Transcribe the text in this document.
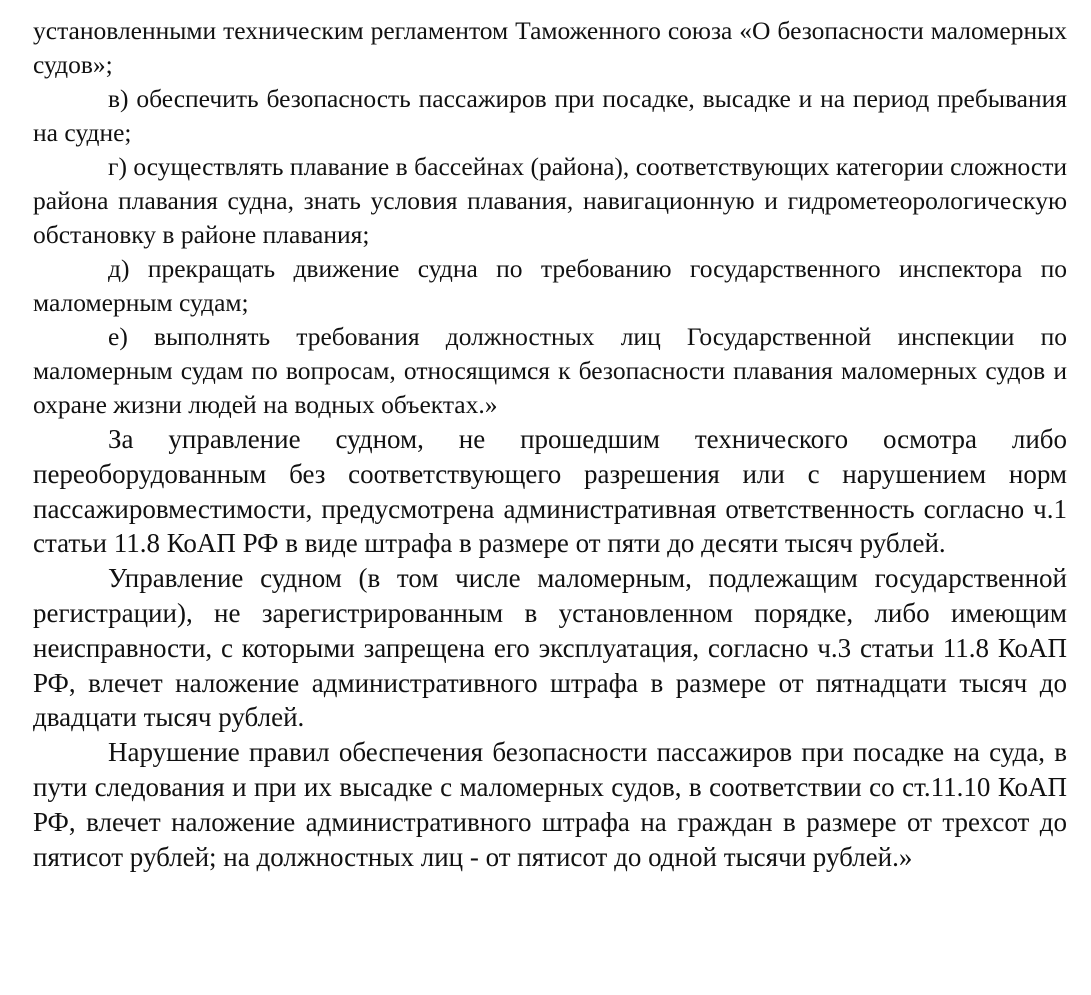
установленными техническим регламентом Таможенного союза «О безопасности маломерных судов»;

в) обеспечить безопасность пассажиров при посадке, высадке и на период пребывания на судне;

г) осуществлять плавание в бассейнах (района), соответствующих категории сложности района плавания судна, знать условия плавания, навигационную и гидрометеорологическую обстановку в районе плавания;

д) прекращать движение судна по требованию государственного инспектора по маломерным судам;

е) выполнять требования должностных лиц Государственной инспекции по маломерным судам по вопросам, относящимся к безопасности плавания маломерных судов и охране жизни людей на водных объектах.»

За управление судном, не прошедшим технического осмотра либо переоборудованным без соответствующего разрешения или с нарушением норм пассажировместимости, предусмотрена административная ответственность согласно ч.1 статьи 11.8 КоАП РФ в виде штрафа в размере от пяти до десяти тысяч рублей.

Управление судном (в том числе маломерным, подлежащим государственной регистрации), не зарегистрированным в установленном порядке, либо имеющим неисправности, с которыми запрещена его эксплуатация, согласно ч.3 статьи 11.8 КоАП РФ, влечет наложение административного штрафа в размере от пятнадцати тысяч до двадцати тысяч рублей.

Нарушение правил обеспечения безопасности пассажиров при посадке на суда, в пути следования и при их высадке с маломерных судов, в соответствии со ст.11.10 КоАП РФ, влечет наложение административного штрафа на граждан в размере от трехсот до пятисот рублей; на должностных лиц - от пятисот до одной тысячи рублей.»
